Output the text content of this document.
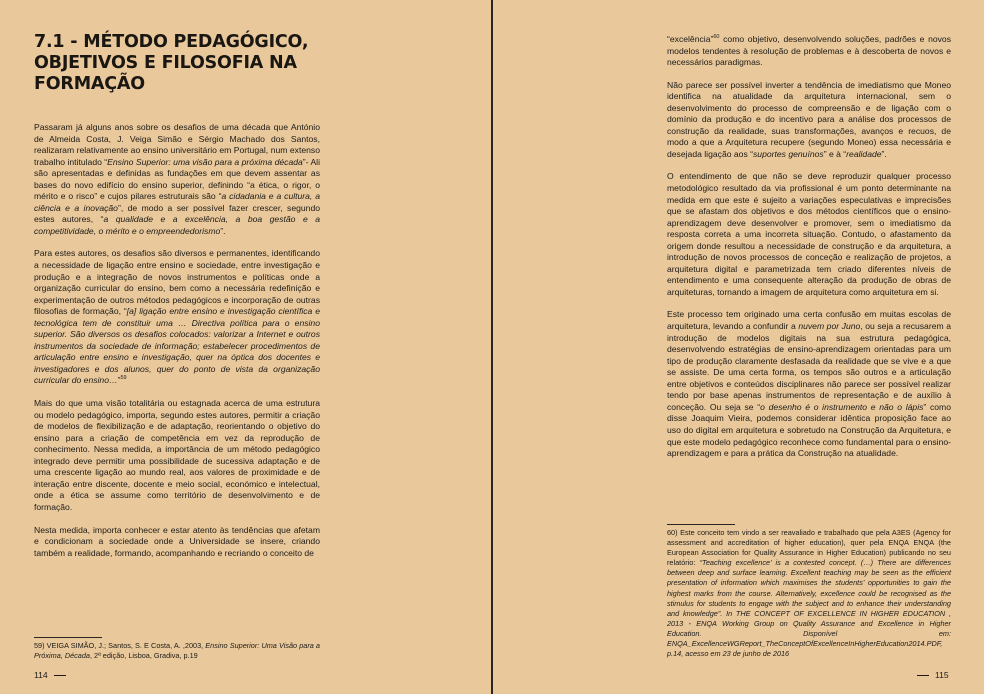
7.1 - MÉTODO PEDAGÓGICO, OBJETIVOS E FILOSOFIA NA FORMAÇÃO

Passaram já alguns anos sobre os desafios de uma década que António de Almeida Costa, J. Veiga Simão e Sérgio Machado dos Santos, realizaram relativamente ao ensino universitário em Portugal, num extenso trabalho intitulado “Ensino Superior: uma visão para a próxima década”- Ali são apresentadas e definidas as fundações em que devem assentar as bases do novo edifício do ensino superior, definindo “a ética, o rigor, o mérito e o risco” e cujos pilares estruturais são “a cidadania e a cultura, a ciência e a inovação”, de modo a ser possível fazer crescer, segundo estes autores, “a qualidade e a excelência, a boa gestão e a competitividade, o mérito e o empreendedorismo”.

Para estes autores, os desafios são diversos e permanentes, identificando a necessidade de ligação entre ensino e sociedade, entre investigação e produção e a integração de novos instrumentos e políticas onde a organização curricular do ensino, bem como a necessária redefinição e experimentação de outros métodos pedagógicos e incorporação de outras filosofias de formação, “[a] ligação entre ensino e investigação científica e tecnológica tem de constituir uma … Directiva política para o ensino superior. São diversos os desafios colocados: valorizar a Internet e outros instrumentos da sociedade de informação; estabelecer procedimentos de articulação entre ensino e investigação, quer na óptica dos docentes e investigadores e dos alunos, quer do ponto de vista da organização curricular do ensino…”$^{59}$

Mais do que uma visão totalitária ou estagnada acerca de uma estrutura ou modelo pedagógico, importa, segundo estes autores, permitir a criação de modelos de flexibilização e de adaptação, reorientando o objetivo do ensino para a criação de competência em vez da reprodução de conhecimento. Nessa medida, a importância de um método pedagógico integrado deve permitir uma possibilidade de sucessiva adaptação e de uma crescente ligação ao mundo real, aos valores de proximidade e de interação entre discente, docente e meio social, económico e intelectual, onde a ética se assume como território de desenvolvimento e de formação.

Nesta medida, importa conhecer e estar atento às tendências que afetam e condicionam a sociedade onde a Universidade se insere, criando também a realidade, formando, acompanhando e recriando o conceito de

59) VEIGA SIMÃO, J.; Santos, S. E Costa, A. ,2003, Ensino Superior: Uma Visão para a Próxima, Década, 2ª edição, Lisboa, Gradiva, p.19
114

“excelência”$^{60}$ como objetivo, desenvolvendo soluções, padrões e novos modelos tendentes à resolução de problemas e à descoberta de novos e necessários paradigmas.

Não parece ser possível inverter a tendência de imediatismo que Moneo identifica na atualidade da arquitetura internacional, sem o desenvolvimento do processo de compreensão e de ligação com o domínio da produção e do incentivo para a análise dos processos de construção da realidade, suas transformações, avanços e recuos, de modo a que a Arquitetura recupere (segundo Moneo) essa necessária e desejada ligação aos “suportes genuínos” e à “realidade”.

O entendimento de que não se deve reproduzir qualquer processo metodológico resultado da via profissional é um ponto determinante na medida em que este é sujeito a variações especulativas e imprecisões que se afastam dos objetivos e dos métodos científicos que o ensino-aprendizagem deve desenvolver e promover, sem o imediatismo da resposta correta a uma incorreta situação. Contudo, o afastamento da origem donde resultou a necessidade de construção e da arquitetura, a introdução de novos processos de conceção e realização de projetos, a arquitetura digital e parametrizada tem criado diferentes níveis de entendimento e uma consequente alteração da produção de obras de arquiteturas, tornando a imagem de arquitetura como arquitetura em si.

Este processo tem originado uma certa confusão em muitas escolas de arquitetura, levando a confundir a nuvem por Juno, ou seja a recusarem a introdução de modelos digitais na sua estrutura pedagógica, desenvolvendo estratégias de ensino-aprendizagem orientadas para um tipo de produção claramente desfasada da realidade que se vive e a que se assiste. De uma certa forma, os tempos são outros e a articulação entre objetivos e conteúdos disciplinares não parece ser possível realizar tendo por base apenas instrumentos de representação e de auxílio à conceção. Ou seja se “o desenho é o instrumento e não o lápis” como disse Joaquim Vieira, podemos considerar idêntica proposição face ao uso do digital em arquitetura e sobretudo na Construção da Arquitetura, e que este modelo pedagógico reconhece como fundamental para o ensino-aprendizagem e para a prática da Construção na atualidade.

60) Este conceito tem vindo a ser reavaliado e trabalhado que pela A3ES (Agency for assessment and accreditation of higher education), quer pela ENQA ENQA (the European Association for Quality Assurance in Higher Education) publicando no seu relatório: “Teaching excellence’ is a contested concept. (…) There are differences between deep and surface learning. Excellent teaching may be seen as the efficient presentation of information which maximises the students’ opportunities to gain the highest marks from the course. Alternatively, excellence could be recognised as the stimulus for students to engage with the subject and to enhance their understanding and knowledge”. In THE CONCEPT OF EXCELLENCE IN HIGHER EDUCATION , 2013 - ENQA Working Group on Quality Assurance and Excellence in Higher Education. Disponível em: ENQA_ExcellenceWGReport_TheConceptOfExcellenceInHigherEducation2014.PDF, p.14, acesso em 23 de junho de 2016
115
